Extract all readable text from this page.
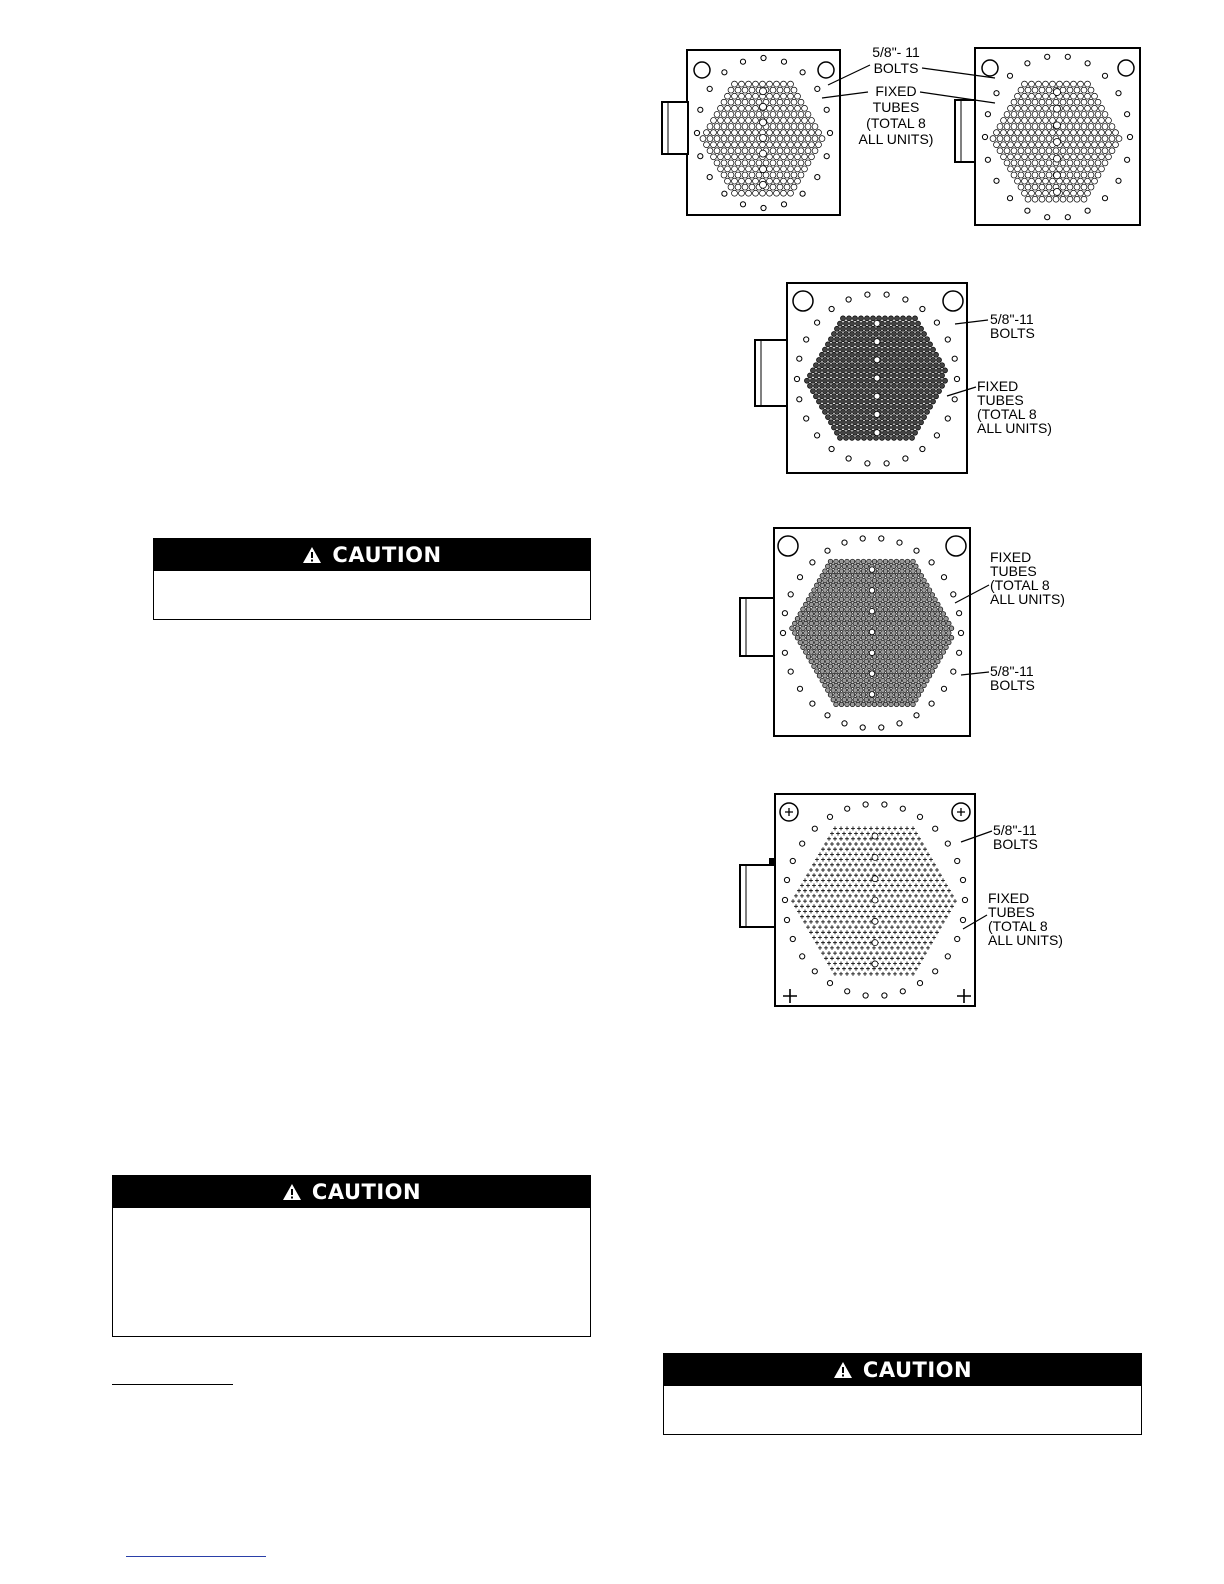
CAUTION
CAUTION
CAUTION
5/8"- 11
BOLTS
FIXED
TUBES
(TOTAL 8
ALL UNITS)
5/8"-11
BOLTS
FIXED
TUBES
(TOTAL 8
ALL UNITS)
FIXED
TUBES
(TOTAL 8
ALL UNITS)
5/8"-11
BOLTS
5/8"-11
BOLTS
FIXED
TUBES
(TOTAL 8
ALL UNITS)
